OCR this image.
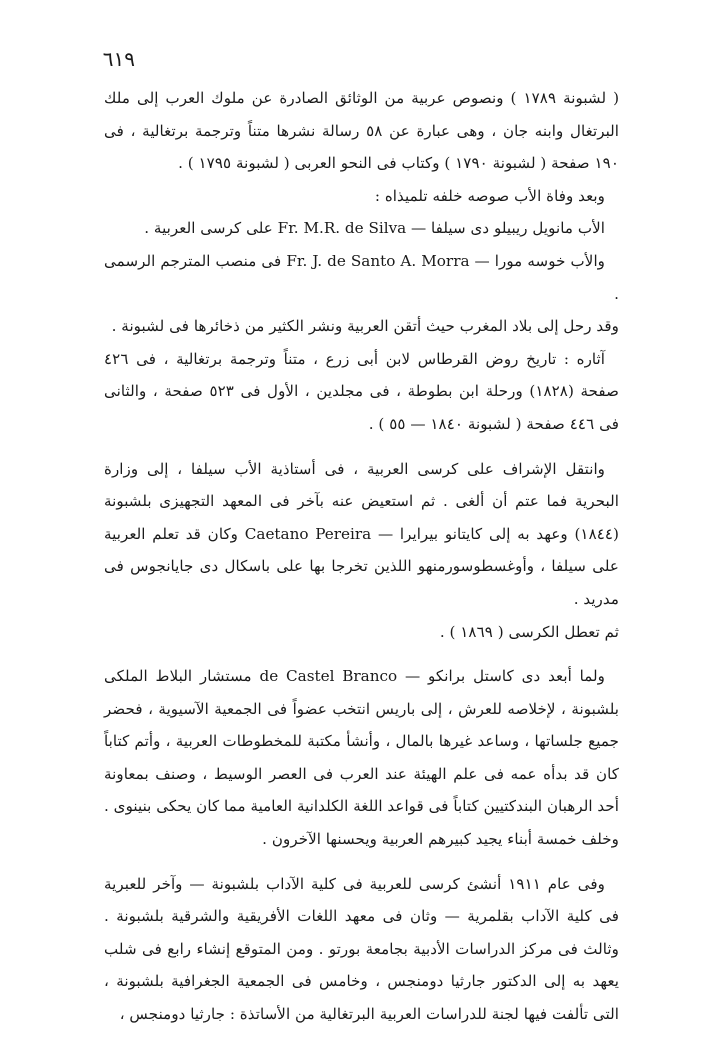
٦١٩

( لشبونة ١٧٨٩ ) ونصوص عربية من الوثائق الصادرة عن ملوك العرب إلى ملك البرتغال وابنه جان ، وهى عبارة عن ٥٨ رسالة نشرها متناً وترجمة برتغالية ، فى ١٩٠ صفحة ( لشبونة ١٧٩٠ ) وكتاب فى النحو العربى ( لشبونة ١٧٩٥ ) .

وبعد وفاة الأب صوصه خلفه تلميذاه :

الأب مانويل ريبيلو دى سيلفا — Fr. M.R. de Silva على كرسى العربية .

والأب خوسه مورا — Fr. J. de Santo A. Morra فى منصب المترجم الرسمى .

وقد رحل إلى بلاد المغرب حيث أتقن العربية ونشر الكثير من ذخائرها فى لشبونة .

آثاره : تاريخ روض القرطاس لابن أبى زرع ، متناً وترجمة برتغالية ، فى ٤٢٦ صفحة (١٨٢٨) ورحلة ابن بطوطة ، فى مجلدين ، الأول فى ٥٢٣ صفحة ، والثانى فى ٤٤٦ صفحة ( لشبونة ١٨٤٠ — ٥٥ ) .

وانتقل الإشراف على كرسى العربية ، فى أستاذية الأب سيلفا ، إلى وزارة البحرية فما عتم أن ألغى . ثم استعيض عنه بآخر فى المعهد التجهيزى بلشبونة (١٨٤٤) وعهد به إلى كايتانو بيرايرا — Caetano Pereira وكان قد تعلم العربية على سيلفا ، وأوغسطوسورمنهو اللذين تخرجا بها على باسكال دى جايانجوس فى مدريد .

ثم تعطل الكرسى ( ١٨٦٩ ) .

ولما أبعد دى كاستل برانكو — de Castel Branco مستشار البلاط الملكى بلشبونة ، لإخلاصه للعرش ، إلى باريس انتخب عضواً فى الجمعية الآسيوية ، فحضر جميع جلساتها ، وساعد غيرها بالمال ، وأنشأ مكتبة للمخطوطات العربية ، وأتم كتاباً كان قد بدأه عمه فى علم الهيئة عند العرب فى العصر الوسيط ، وصنف بمعاونة أحد الرهبان البندكتيين كتاباً فى قواعد اللغة الكلدانية العامية مما كان يحكى بنينوى . وخلف خمسة أبناء يجيد كبيرهم العربية ويحسنها الآخرون .

وفى عام ١٩١١ أنشئ كرسى للعربية فى كلية الآداب بلشبونة — وآخر للعبرية فى كلية الآداب بقلمرية — وثان فى معهد اللغات الأفريقية والشرقية بلشبونة . وثالث فى مركز الدراسات الأدبية بجامعة بورتو . ومن المتوقع إنشاء رابع فى شلب يعهد به إلى الدكتور جارثيا دومنجس ، وخامس فى الجمعية الجغرافية بلشبونة ، التى تألفت فيها لجنة للدراسات العربية البرتغالية من الأساتذة : جارثيا دومنجس ،
